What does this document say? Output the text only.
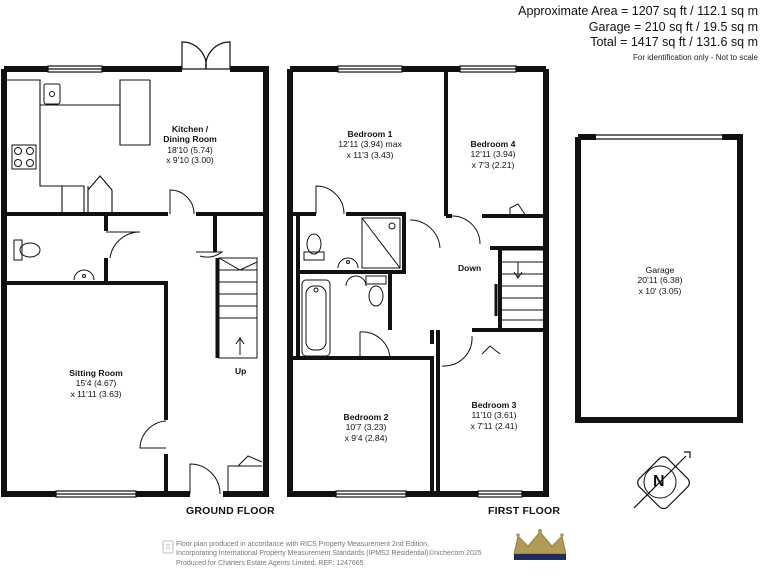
Approximate Area = 1207 sq ft / 112.1 sq m
Garage = 210 sq ft / 19.5 sq m
Total = 1417 sq ft / 131.6 sq m
For identification only - Not to scale
Kitchen /
Dining Room
18'10 (5.74)
x 9'10 (3.00)
Sitting Room
15'4 (4.67)
x 11'11 (3.63)
Bedroom 1
12'11 (3.94) max
x 11'3 (3.43)
Bedroom 4
12'11 (3.94)
x 7'3 (2.21)
Bedroom 2
10'7 (3.23)
x 9'4 (2.84)
Bedroom 3
11'10 (3.61)
x 7'11 (2.41)
Garage
20'11 (6.38)
x 10' (3.05)
GROUND FLOOR	FIRST FLOOR
Up
Down
N
Floor plan produced in accordance with RICS Property Measurement 2nd Edition,
Incorporating International Property Measurement Standards (IPMS2 Residential).
Produced for Charters Estate Agents Limited. REF: 1247665
©nichecom 2025
